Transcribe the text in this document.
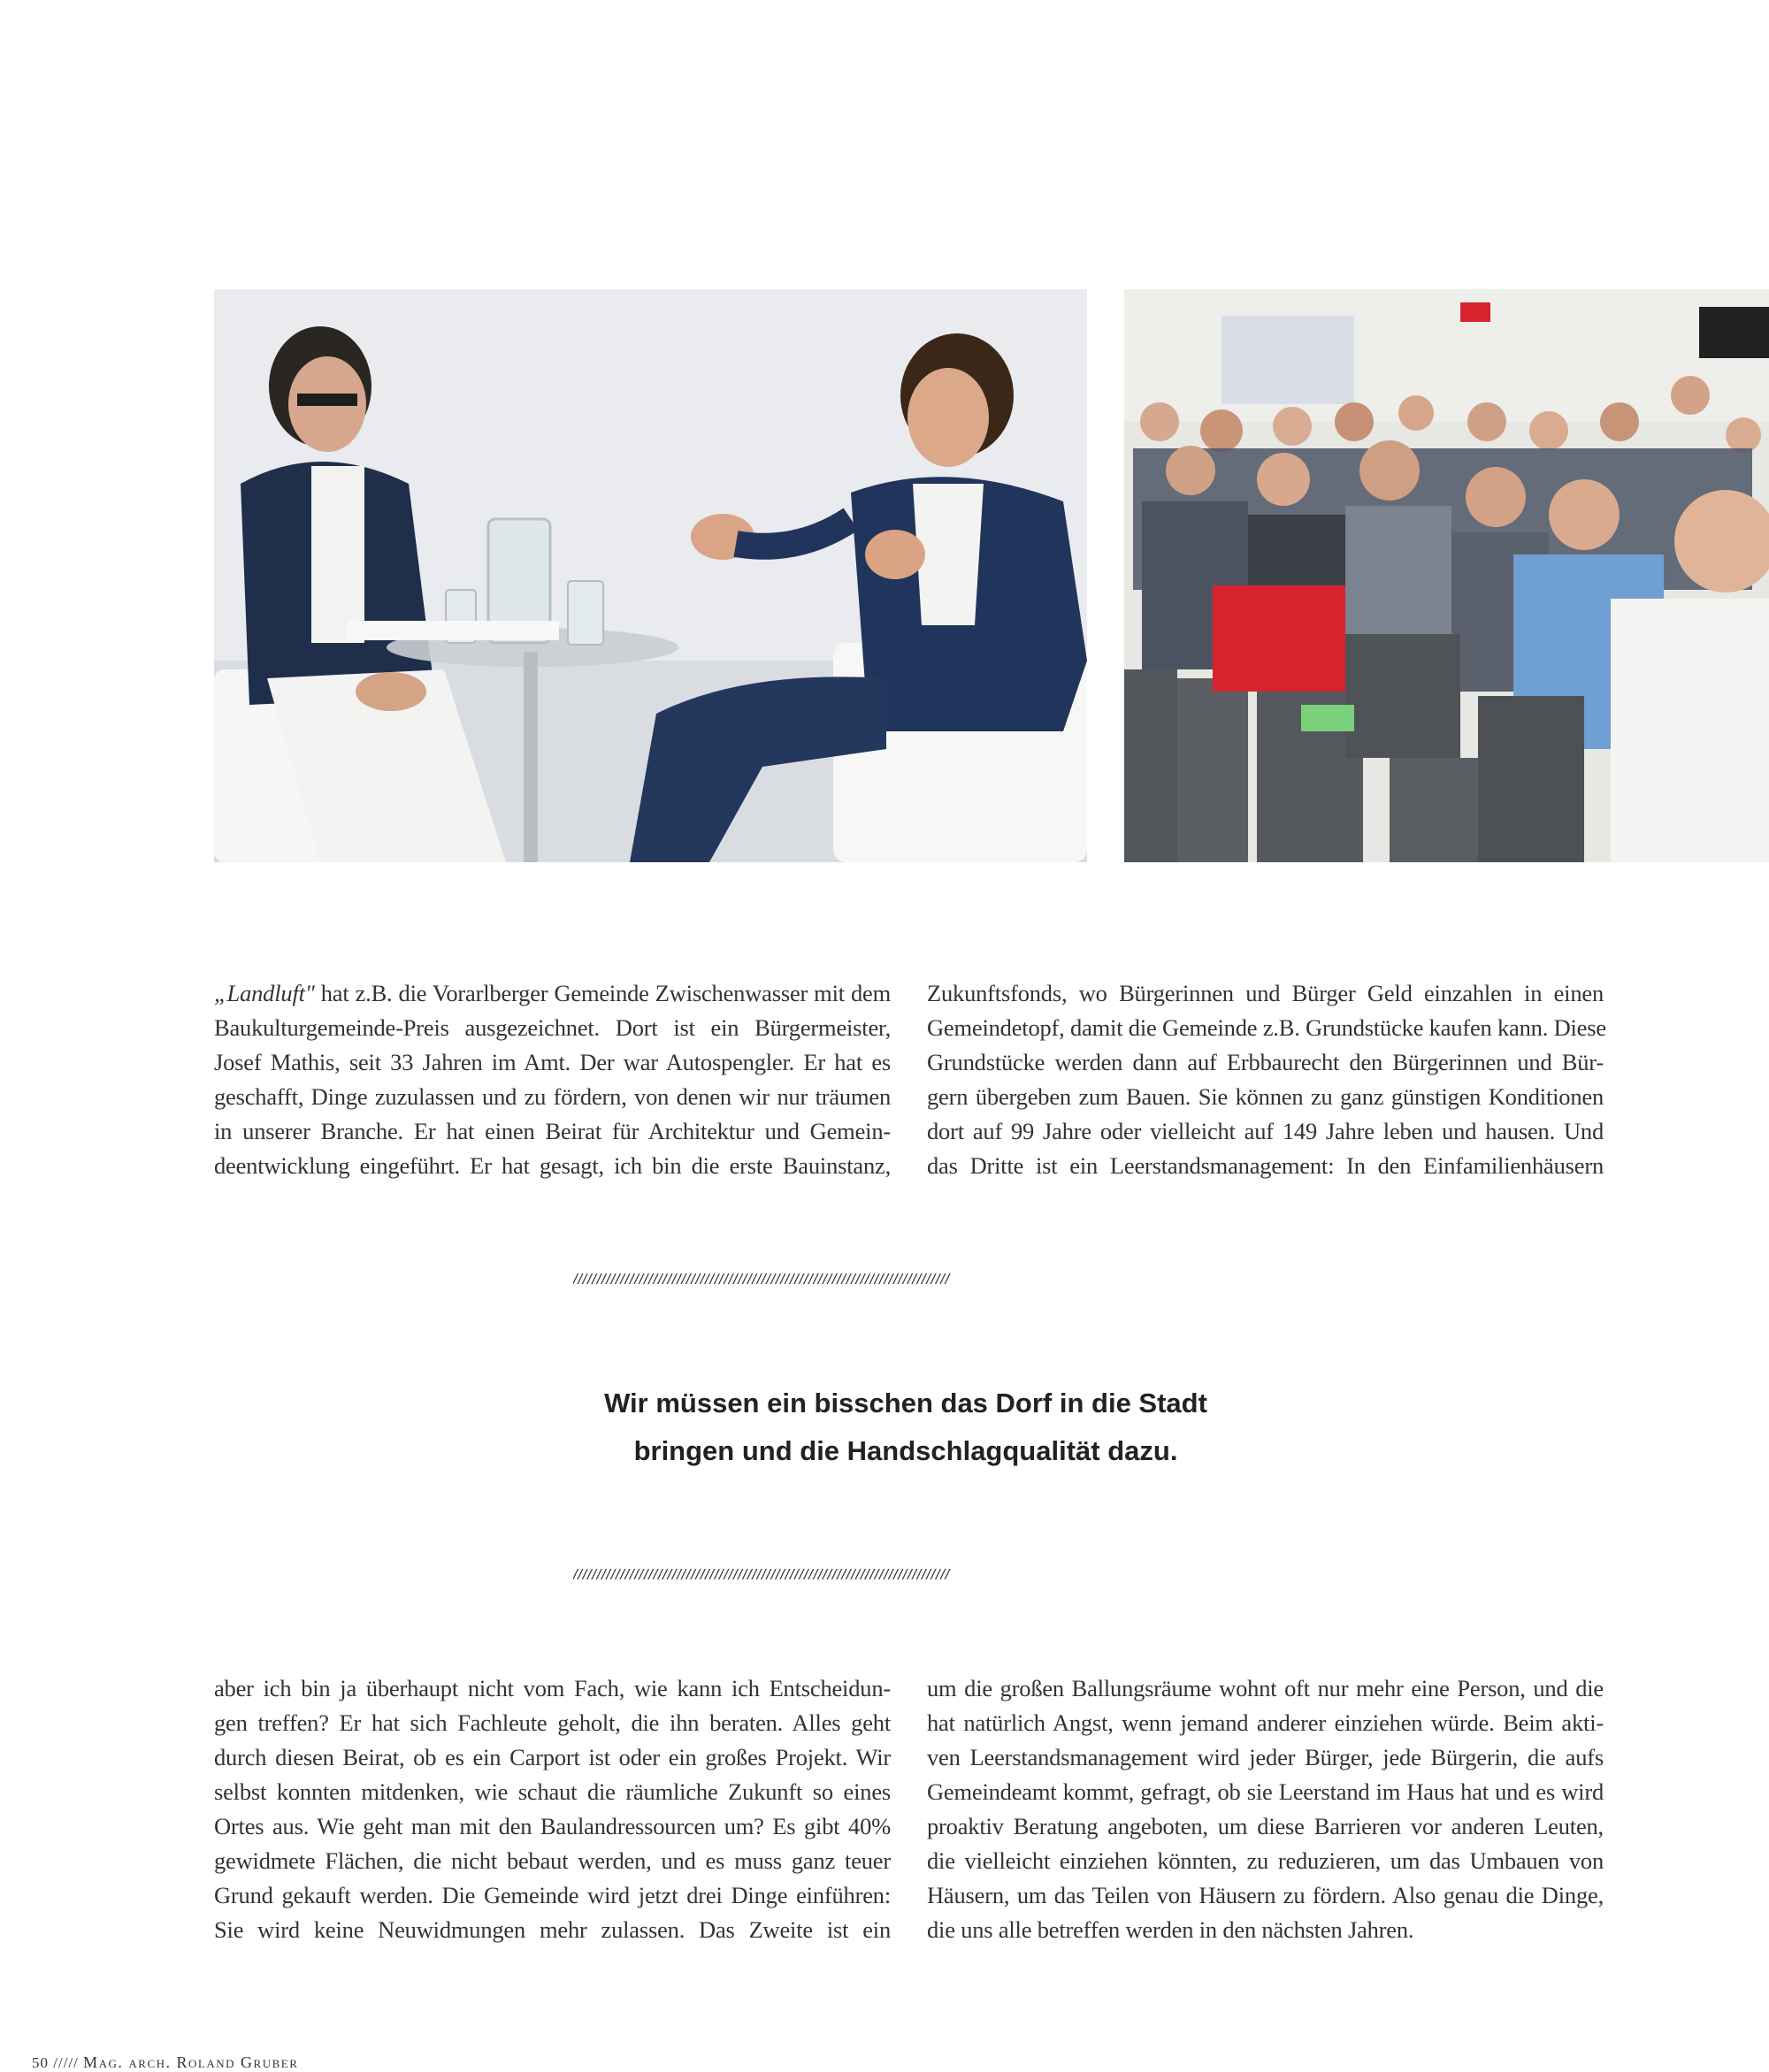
„Landluft" hat z.B. die Vorarlberger Gemeinde Zwischenwasser mit dem
Baukulturgemeinde-Preis ausgezeichnet. Dort ist ein Bürgermeister,
Josef Mathis, seit 33 Jahren im Amt. Der war Autospengler. Er hat es
geschafft, Dinge zuzulassen und zu fördern, von denen wir nur träumen
in unserer Branche. Er hat einen Beirat für Architektur und Gemein-
deentwicklung eingeführt. Er hat gesagt, ich bin die erste Bauinstanz,
Zukunftsfonds, wo Bürgerinnen und Bürger Geld einzahlen in einen
Gemeindetopf, damit die Gemeinde z.B. Grundstücke kaufen kann. Diese
Grundstücke werden dann auf Erbbaurecht den Bürgerinnen und Bür-
gern übergeben zum Bauen. Sie können zu ganz günstigen Konditionen
dort auf 99 Jahre oder vielleicht auf 149 Jahre leben und hausen. Und
das Dritte ist ein Leerstandsmanagement: In den Einfamilienhäusern
////////////////////////////////////////////////////////////////////////////////

Wir müssen ein bisschen das Dorf in die Stadt
bringen und die Handschlagqualität dazu.

////////////////////////////////////////////////////////////////////////////////
aber ich bin ja überhaupt nicht vom Fach, wie kann ich Entscheidun-
gen treffen? Er hat sich Fachleute geholt, die ihn beraten. Alles geht
durch diesen Beirat, ob es ein Carport ist oder ein großes Projekt. Wir
selbst konnten mitdenken, wie schaut die räumliche Zukunft so eines
Ortes aus. Wie geht man mit den Baulandressourcen um? Es gibt 40%
gewidmete Flächen, die nicht bebaut werden, und es muss ganz teuer
Grund gekauft werden. Die Gemeinde wird jetzt drei Dinge einführen:
Sie wird keine Neuwidmungen mehr zulassen. Das Zweite ist ein
um die großen Ballungsräume wohnt oft nur mehr eine Person, und die
hat natürlich Angst, wenn jemand anderer einziehen würde. Beim akti-
ven Leerstandsmanagement wird jeder Bürger, jede Bürgerin, die aufs
Gemeindeamt kommt, gefragt, ob sie Leerstand im Haus hat und es wird
proaktiv Beratung angeboten, um diese Barrieren vor anderen Leuten,
die vielleicht einziehen könnten, zu reduzieren, um das Umbauen von
Häusern, um das Teilen von Häusern zu fördern. Also genau die Dinge,
die uns alle betreffen werden in den nächsten Jahren.
50 ///// Mag. arch. Roland Gruber
